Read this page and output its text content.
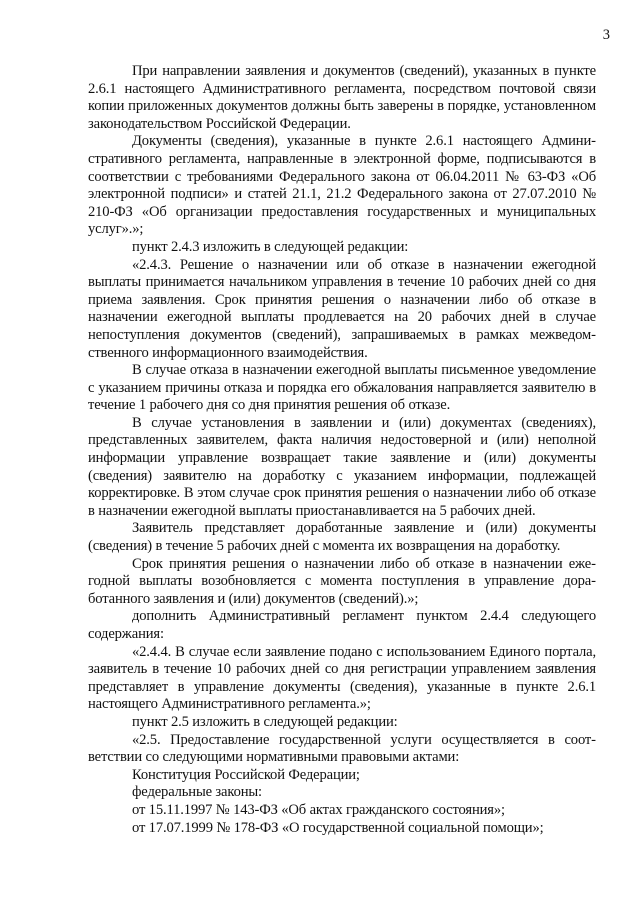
3

При направлении заявления и документов (сведений), указанных в пункте 2.6.1 настоящего Административного регламента, посредством почтовой связи копии приложенных документов должны быть заверены в порядке, установленном законодательством Российской Федерации.

Документы (сведения), указанные в пункте 2.6.1 настоящего Административного регламента, направленные в электронной форме, подписываются в соответствии с требованиями Федерального закона от 06.04.2011 № 63-ФЗ «Об электронной подписи» и статей 21.1, 21.2 Федерального закона от 27.07.2010 № 210-ФЗ «Об организации предоставления государственных и муниципальных услуг».»;

пункт 2.4.3 изложить в следующей редакции:

«2.4.3. Решение о назначении или об отказе в назначении ежегодной выплаты принимается начальником управления в течение 10 рабочих дней со дня приема заявления. Срок принятия решения о назначении либо об отказе в назначении ежегодной выплаты продлевается на 20 рабочих дней в случае непоступления документов (сведений), запрашиваемых в рамках межведомственного информационного взаимодействия.

В случае отказа в назначении ежегодной выплаты письменное уведомление с указанием причины отказа и порядка его обжалования направляется заявителю в течение 1 рабочего дня со дня принятия решения об отказе.

В случае установления в заявлении и (или) документах (сведениях), представленных заявителем, факта наличия недостоверной и (или) неполной информации управление возвращает такие заявление и (или) документы (сведения) заявителю на доработку с указанием информации, подлежащей корректировке. В этом случае срок принятия решения о назначении либо об отказе в назначении ежегодной выплаты приостанавливается на 5 рабочих дней.

Заявитель представляет доработанные заявление и (или) документы (сведения) в течение 5 рабочих дней с момента их возвращения на доработку.

Срок принятия решения о назначении либо об отказе в назначении ежегодной выплаты возобновляется с момента поступления в управление доработанного заявления и (или) документов (сведений).»;

дополнить Административный регламент пунктом 2.4.4 следующего содержания:

«2.4.4. В случае если заявление подано с использованием Единого портала, заявитель в течение 10 рабочих дней со дня регистрации управлением заявления представляет в управление документы (сведения), указанные в пункте 2.6.1 настоящего Административного регламента.»;

пункт 2.5 изложить в следующей редакции:

«2.5. Предоставление государственной услуги осуществляется в соответствии со следующими нормативными правовыми актами:

Конституция Российской Федерации;

федеральные законы:

от 15.11.1997 № 143-ФЗ «Об актах гражданского состояния»;

от 17.07.1999 № 178-ФЗ «О государственной социальной помощи»;
